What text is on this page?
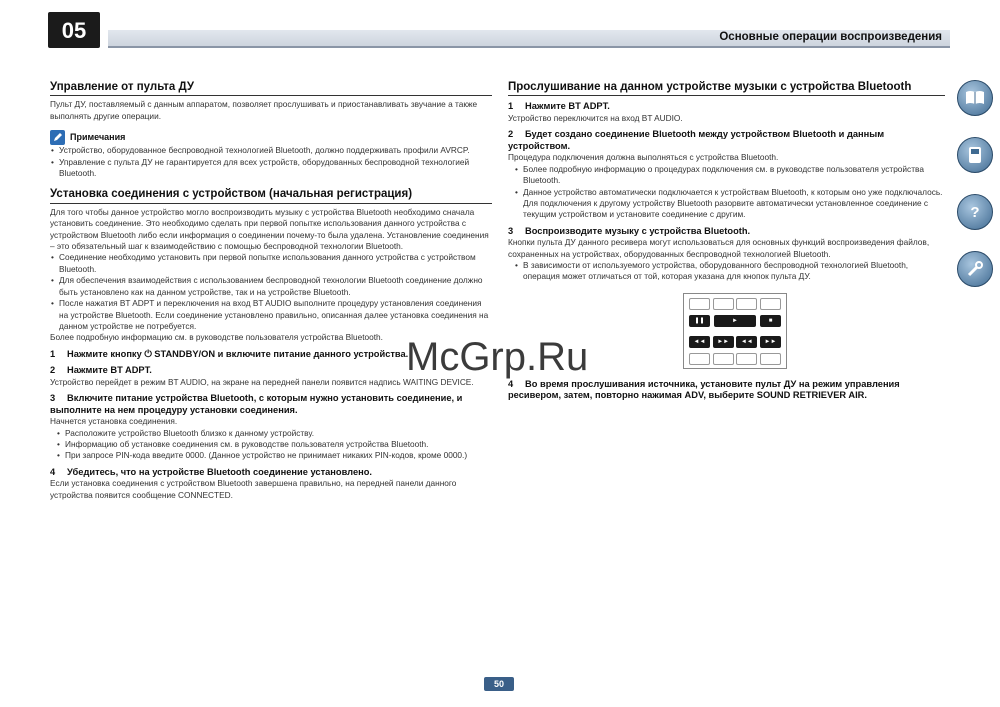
05	Основные операции воспроизведения
Управление от пульта ДУ

Пульт ДУ, поставляемый с данным аппаратом, позволяет прослушивать и приостанавливать звучание а также выполнять другие операции.

Примечания
• Устройство, оборудованное беспроводной технологией Bluetooth, должно поддерживать профили AVRCP.
• Управление с пульта ДУ не гарантируется для всех устройств, оборудованных беспроводной технологией Bluetooth.
Установка соединения с устройством (начальная регистрация)

Для того чтобы данное устройство могло воспроизводить музыку с устройства Bluetooth необходимо сначала установить соединение. Это необходимо сделать при первой попытке использования данного устройства с устройством Bluetooth либо если информация о соединении почему-то была удалена. Установление соединения – это обязательный шаг к взаимодействию с помощью беспроводной технологии Bluetooth.

• Соединение необходимо установить при первой попытке использования данного устройства с устройством Bluetooth.
• Для обеспечения взаимодействия с использованием беспроводной технологии Bluetooth соединение должно быть установлено как на данном устройстве, так и на устройстве Bluetooth.
• После нажатия BT ADPT и переключения на вход BT AUDIO выполните процедуру установления соединения на устройстве Bluetooth. Если соединение установлено правильно, описанная далее установка соединения на данном устройстве не потребуется.

Более подробную информацию см. в руководстве пользователя устройства Bluetooth.

1 Нажмите кнопку ⏻ STANDBY/ON и включите питание данного устройства.
2 Нажмите BT ADPT.

Устройство перейдет в режим BT AUDIO, на экране на передней панели появится надпись WAITING DEVICE.

3 Включите питание устройства Bluetooth, с которым нужно установить соединение, и выполните на нем процедуру установки соединения.

Начнется установка соединения.

• Расположите устройство Bluetooth близко к данному устройству.
• Информацию об установке соединения см. в руководстве пользователя устройства Bluetooth.
• При запросе PIN-кода введите 0000. (Данное устройство не принимает никаких PIN-кодов, кроме 0000.)
4 Убедитесь, что на устройстве Bluetooth соединение установлено.

Если установка соединения с устройством Bluetooth завершена правильно, на передней панели данного устройства появится сообщение CONNECTED.

Прослушивание на данном устройстве музыки с устройства Bluetooth
1 Нажмите BT ADPT.

Устройство переключится на вход BT AUDIO.

2 Будет создано соединение Bluetooth между устройством Bluetooth и данным устройством.

Процедура подключения должна выполняться с устройства Bluetooth.

• Более подробную информацию о процедурах подключения см. в руководстве пользователя устройства Bluetooth.
• Данное устройство автоматически подключается к устройствам Bluetooth, к которым оно уже подключалось. Для подключения к другому устройству Bluetooth разорвите автоматически установленное соединение с текущим устройством и установите соединение с другим.
3 Воспроизводите музыку с устройства Bluetooth.

Кнопки пульта ДУ данного ресивера могут использоваться для основных функций воспроизведения файлов, сохраненных на устройствах, оборудованных беспроводной технологией Bluetooth.

• В зависимости от используемого устройства, оборудованного беспроводной технологией Bluetooth, операция может отличаться от той, которая указана для кнопок пульта ДУ.
❚❚	►	■
◄◄	►►	◄◄	►►
4 Во время прослушивания источника, установите пульт ДУ на режим управления ресивером, затем, повторно нажимая ADV, выберите SOUND RETRIEVER AIR.
?
McGrp.Ru
50
